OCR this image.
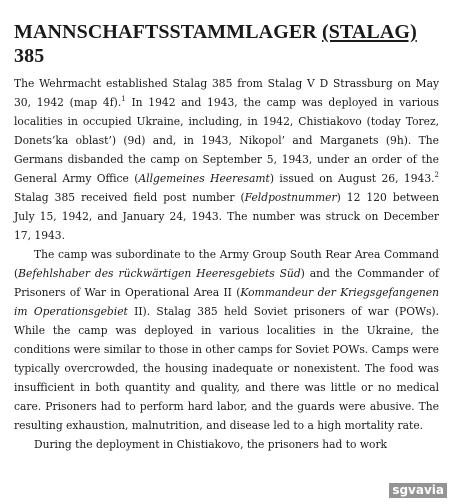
MANNSCHAFTSSTAMMLAGER (STALAG)
385

The Wehrmacht established Stalag 385 from Stalag V D Strassburg on May 30, 1942 (map 4f).$^1$ In 1942 and 1943, the camp was deployed in various localities in occupied Ukraine, including, in 1942, Chistiakovo (today Torez, Donets’ka oblast’) (9d) and, in 1943, Nikopol’ and Marganets (9h). The Germans disbanded the camp on September 5, 1943, under an order of the General Army Office (Allgemeines Heeresamt) issued on August 26, 1943.$^2$ Stalag 385 received field post number (Feldpostnummer) 12 120 between July 15, 1942, and January 24, 1943. The number was struck on December 17, 1943.

The camp was subordinate to the Army Group South Rear Area Command (Befehlshaber des rückwärtigen Heeresgebiets Süd) and the Commander of Prisoners of War in Operational Area II (Kommandeur der Kriegsgefangenen im Operationsgebiet II). Stalag 385 held Soviet prisoners of war (POWs). While the camp was deployed in various localities in the Ukraine, the conditions were similar to those in other camps for Soviet POWs. Camps were typically overcrowded, the housing inadequate or nonexistent. The food was insufficient in both quantity and quality, and there was little or no medical care. Prisoners had to perform hard labor, and the guards were abusive. The resulting exhaustion, malnutrition, and disease led to a high mortality rate.

During the deployment in Chistiakovo, the prisoners had to work

sgvavia
